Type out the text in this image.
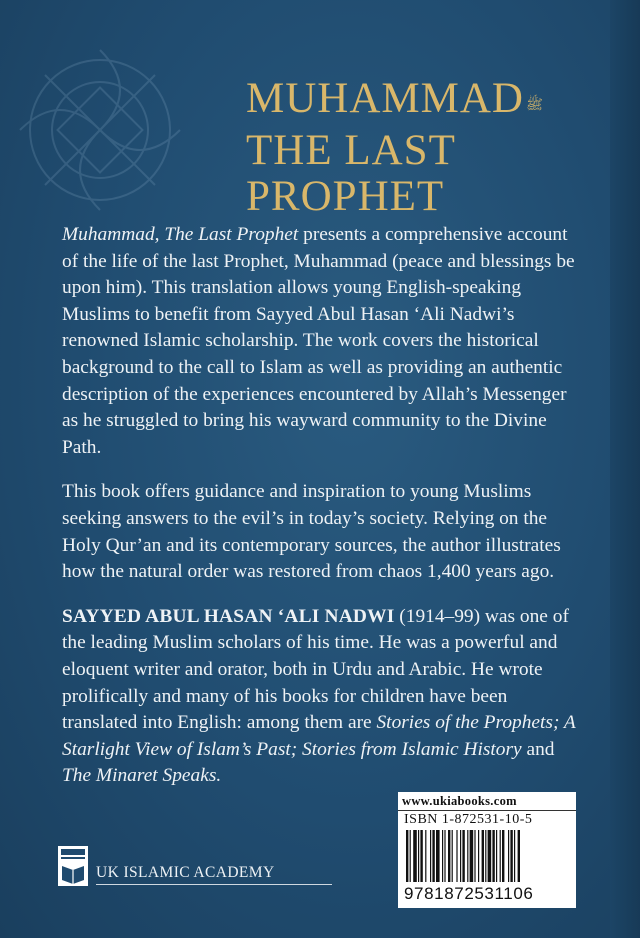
MUHAMMAD ﷺ
THE LAST
PROPHET

Muhammad, The Last Prophet presents a comprehensive account of the life of the last Prophet, Muhammad (peace and blessings be upon him). This translation allows young English-speaking Muslims to benefit from Sayyed Abul Hasan ‘Ali Nadwi’s renowned Islamic scholarship. The work covers the historical background to the call to Islam as well as providing an authentic description of the experiences encountered by Allah’s Messenger as he struggled to bring his wayward community to the Divine Path.

This book offers guidance and inspiration to young Muslims seeking answers to the evil’s in today’s society. Relying on the Holy Qur’an and its contemporary sources, the author illustrates how the natural order was restored from chaos 1,400 years ago.

SAYYED ABUL HASAN ‘ALI NADWI (1914–99) was one of the leading Muslim scholars of his time. He was a powerful and eloquent writer and orator, both in Urdu and Arabic. He wrote prolifically and many of his books for children have been translated into English: among them are Stories of the Prophets; A Starlight View of Islam’s Past; Stories from Islamic History and The Minaret Speaks.

www.ukiabooks.com
ISBN 1-872531-10-5
9781872531106
UK ISLAMIC ACADEMY
